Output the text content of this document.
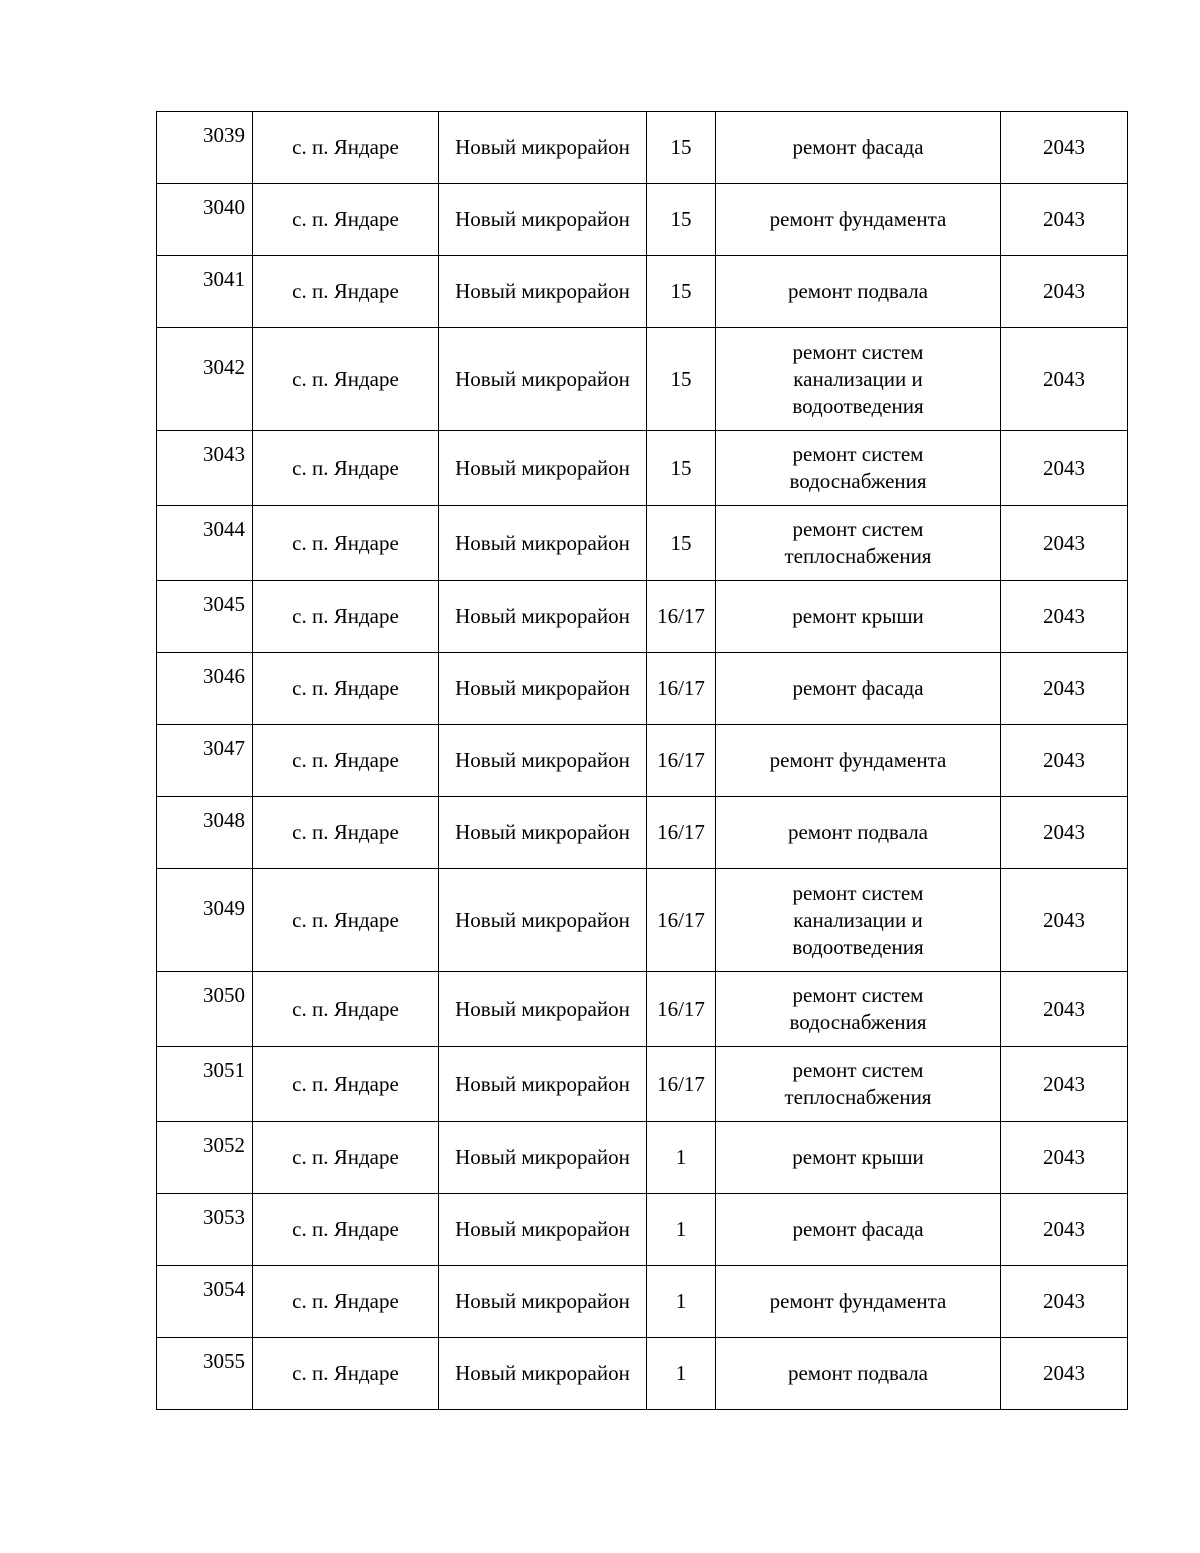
3039	с. п. Яндаре	Новый микрорайон	15	ремонт фасада	2043
3040	с. п. Яндаре	Новый микрорайон	15	ремонт фундамента	2043
3041	с. п. Яндаре	Новый микрорайон	15	ремонт подвала	2043
3042	с. п. Яндаре	Новый микрорайон	15	ремонт систем канализации и водоотведения	2043
3043	с. п. Яндаре	Новый микрорайон	15	ремонт систем водоснабжения	2043
3044	с. п. Яндаре	Новый микрорайон	15	ремонт систем теплоснабжения	2043
3045	с. п. Яндаре	Новый микрорайон	16/17	ремонт крыши	2043
3046	с. п. Яндаре	Новый микрорайон	16/17	ремонт фасада	2043
3047	с. п. Яндаре	Новый микрорайон	16/17	ремонт фундамента	2043
3048	с. п. Яндаре	Новый микрорайон	16/17	ремонт подвала	2043
3049	с. п. Яндаре	Новый микрорайон	16/17	ремонт систем канализации и водоотведения	2043
3050	с. п. Яндаре	Новый микрорайон	16/17	ремонт систем водоснабжения	2043
3051	с. п. Яндаре	Новый микрорайон	16/17	ремонт систем теплоснабжения	2043
3052	с. п. Яндаре	Новый микрорайон	1	ремонт крыши	2043
3053	с. п. Яндаре	Новый микрорайон	1	ремонт фасада	2043
3054	с. п. Яндаре	Новый микрорайон	1	ремонт фундамента	2043
3055	с. п. Яндаре	Новый микрорайон	1	ремонт подвала	2043
